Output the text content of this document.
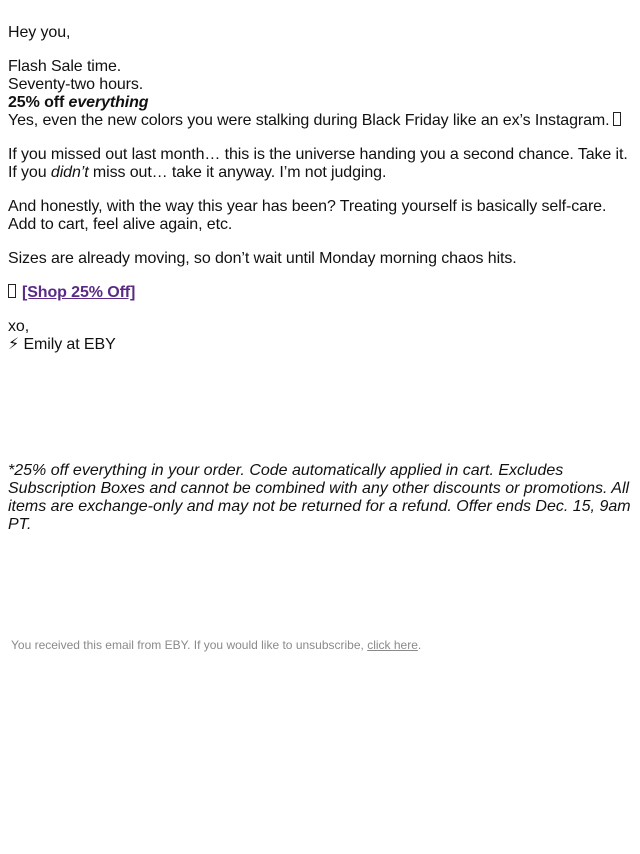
Hey you,

Flash Sale time.
Seventy-two hours.
25% off everything
Yes, even the new colors you were stalking during Black Friday like an ex’s Instagram.

If you missed out last month… this is the universe handing you a second chance. Take it.
If you didn’t miss out… take it anyway. I’m not judging.

And honestly, with the way this year has been? Treating yourself is basically self-care.
Add to cart, feel alive again, etc.

Sizes are already moving, so don’t wait until Monday morning chaos hits.

[Shop 25% Off]

xo,
⚡ Emily at EBY

*25% off everything in your order. Code automatically applied in cart. Excludes Subscription Boxes and cannot be combined with any other discounts or promotions. All items are exchange-only and may not be returned for a refund. Offer ends Dec. 15, 9am PT.

You received this email from EBY. If you would like to unsubscribe, click here.
